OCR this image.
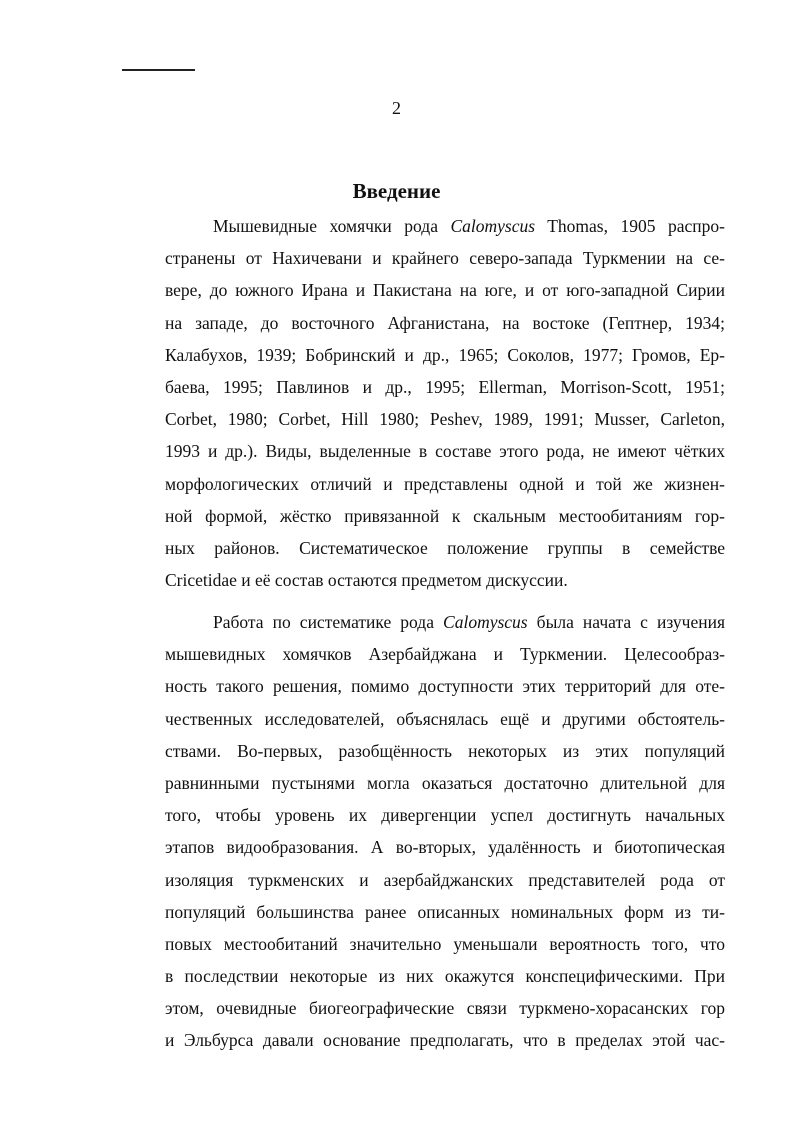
2
Введение
Мышевидные хомячки рода Calomyscus Thomas, 1905 распро-
странены от Нахичевани и крайнего северо-запада Туркмении на се-
вере, до южного Ирана и Пакистана на юге, и от юго-западной Сирии
на западе, до восточного Афганистана, на востоке (Гептнер, 1934;
Калабухов, 1939; Бобринский и др., 1965; Соколов, 1977; Громов, Ер-
баева, 1995; Павлинов и др., 1995; Ellerman, Morrison-Scott, 1951;
Corbet, 1980; Corbet, Hill 1980; Peshev, 1989, 1991; Musser, Carleton,
1993 и др.). Виды, выделенные в составе этого рода, не имеют чётких
морфологических отличий и представлены одной и той же жизнен-
ной формой, жёстко привязанной к скальным местообитаниям гор-
ных районов. Систематическое положение группы в семействе
Cricetidae и её состав остаются предметом дискуссии.
Работа по систематике рода Calomyscus была начата с изучения
мышевидных хомячков Азербайджана и Туркмении. Целесообраз-
ность такого решения, помимо доступности этих территорий для оте-
чественных исследователей, объяснялась ещё и другими обстоятель-
ствами. Во-первых, разобщённость некоторых из этих популяций
равнинными пустынями могла оказаться достаточно длительной для
того, чтобы уровень их дивергенции успел достигнуть начальных
этапов видообразования. А во-вторых, удалённость и биотопическая
изоляция туркменских и азербайджанских представителей рода от
популяций большинства ранее описанных номинальных форм из ти-
повых местообитаний значительно уменьшали вероятность того, что
в последствии некоторые из них окажутся конспецифическими. При
этом, очевидные биогеографические связи туркмено-хорасанских гор
и Эльбурса давали основание предполагать, что в пределах этой час-
